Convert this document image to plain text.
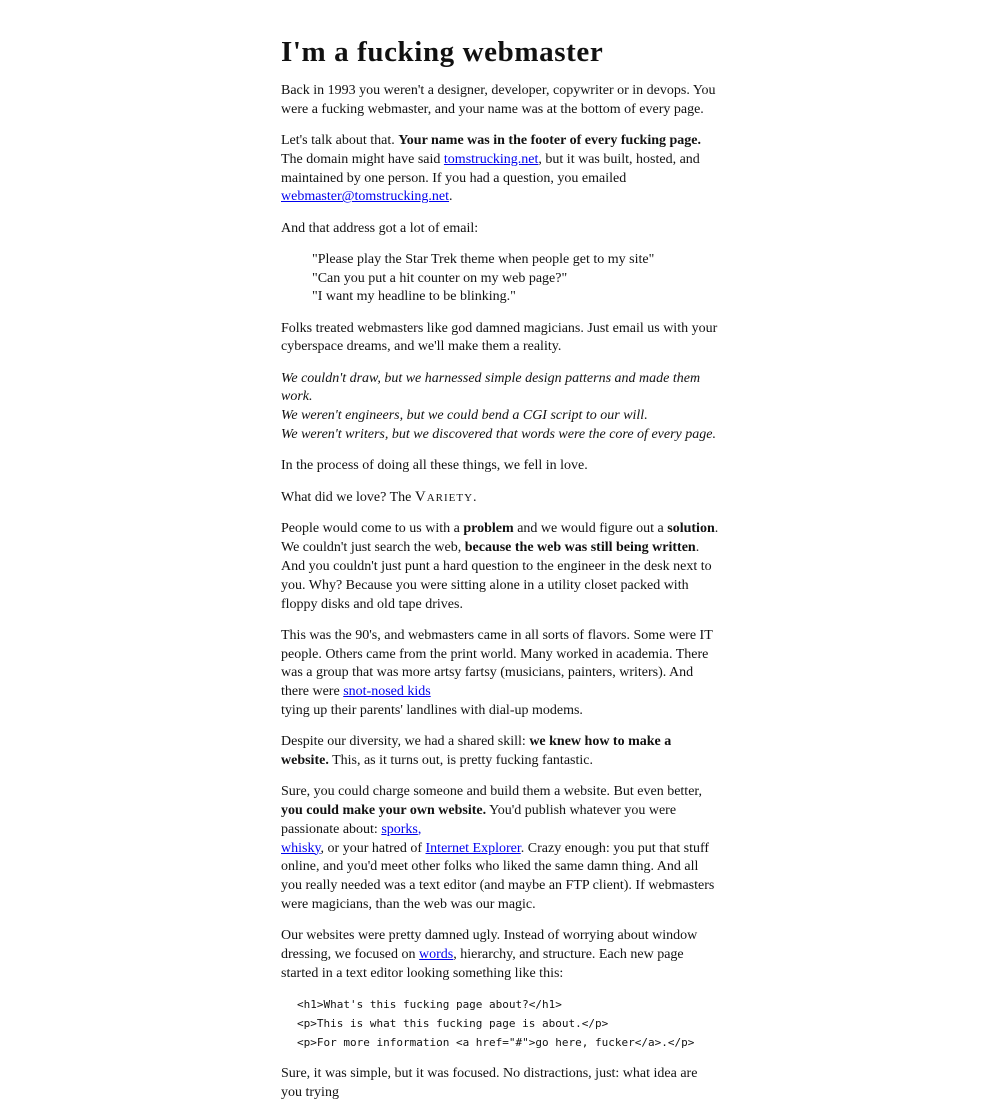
I'm a fucking webmaster

Back in 1993 you weren't a designer, developer, copywriter or in devops. You were a fucking webmaster, and your name was at the bottom of every page.

Let's talk about that. Your name was in the footer of every fucking page. The domain might have said tomstrucking.net, but it was built, hosted, and maintained by one person. If you had a question, you emailed webmaster@tomstrucking.net.

And that address got a lot of email:

"Please play the Star Trek theme when people get to my site"
"Can you put a hit counter on my web page?"
"I want my headline to be blinking."

Folks treated webmasters like god damned magicians. Just email us with your cyberspace dreams, and we'll make them a reality.

We couldn't draw, but we harnessed simple design patterns and made them work.
We weren't engineers, but we could bend a CGI script to our will.
We weren't writers, but we discovered that words were the core of every page.

In the process of doing all these things, we fell in love.

What did we love? The Variety.

People would come to us with a problem and we would figure out a solution. We couldn't just search the web, because the web was still being written. And you couldn't just punt a hard question to the engineer in the desk next to you. Why? Because you were sitting alone in a utility closet packed with floppy disks and old tape drives.

This was the 90's, and webmasters came in all sorts of flavors. Some were IT people. Others came from the print world. Many worked in academia. There was a group that was more artsy fartsy (musicians, painters, writers). And there were snot-nosed kids
tying up their parents' landlines with dial-up modems.

Despite our diversity, we had a shared skill: we knew how to make a website. This, as it turns out, is pretty fucking fantastic.

Sure, you could charge someone and build them a website. But even better, you could make your own website. You'd publish whatever you were passionate about: sporks,
whisky, or your hatred of Internet Explorer. Crazy enough: you put that stuff online, and you'd meet other folks who liked the same damn thing. And all you really needed was a text editor (and maybe an FTP client). If webmasters were magicians, than the web was our magic.

Our websites were pretty damned ugly. Instead of worrying about window dressing, we focused on words, hierarchy, and structure. Each new page started in a text editor looking something like this:

<h1>What's this fucking page about?</h1>
<p>This is what this fucking page is about.</p>
<p>For more information <a href="#">go here, fucker</a>.</p>

Sure, it was simple, but it was focused. No distractions, just: what idea are you trying
